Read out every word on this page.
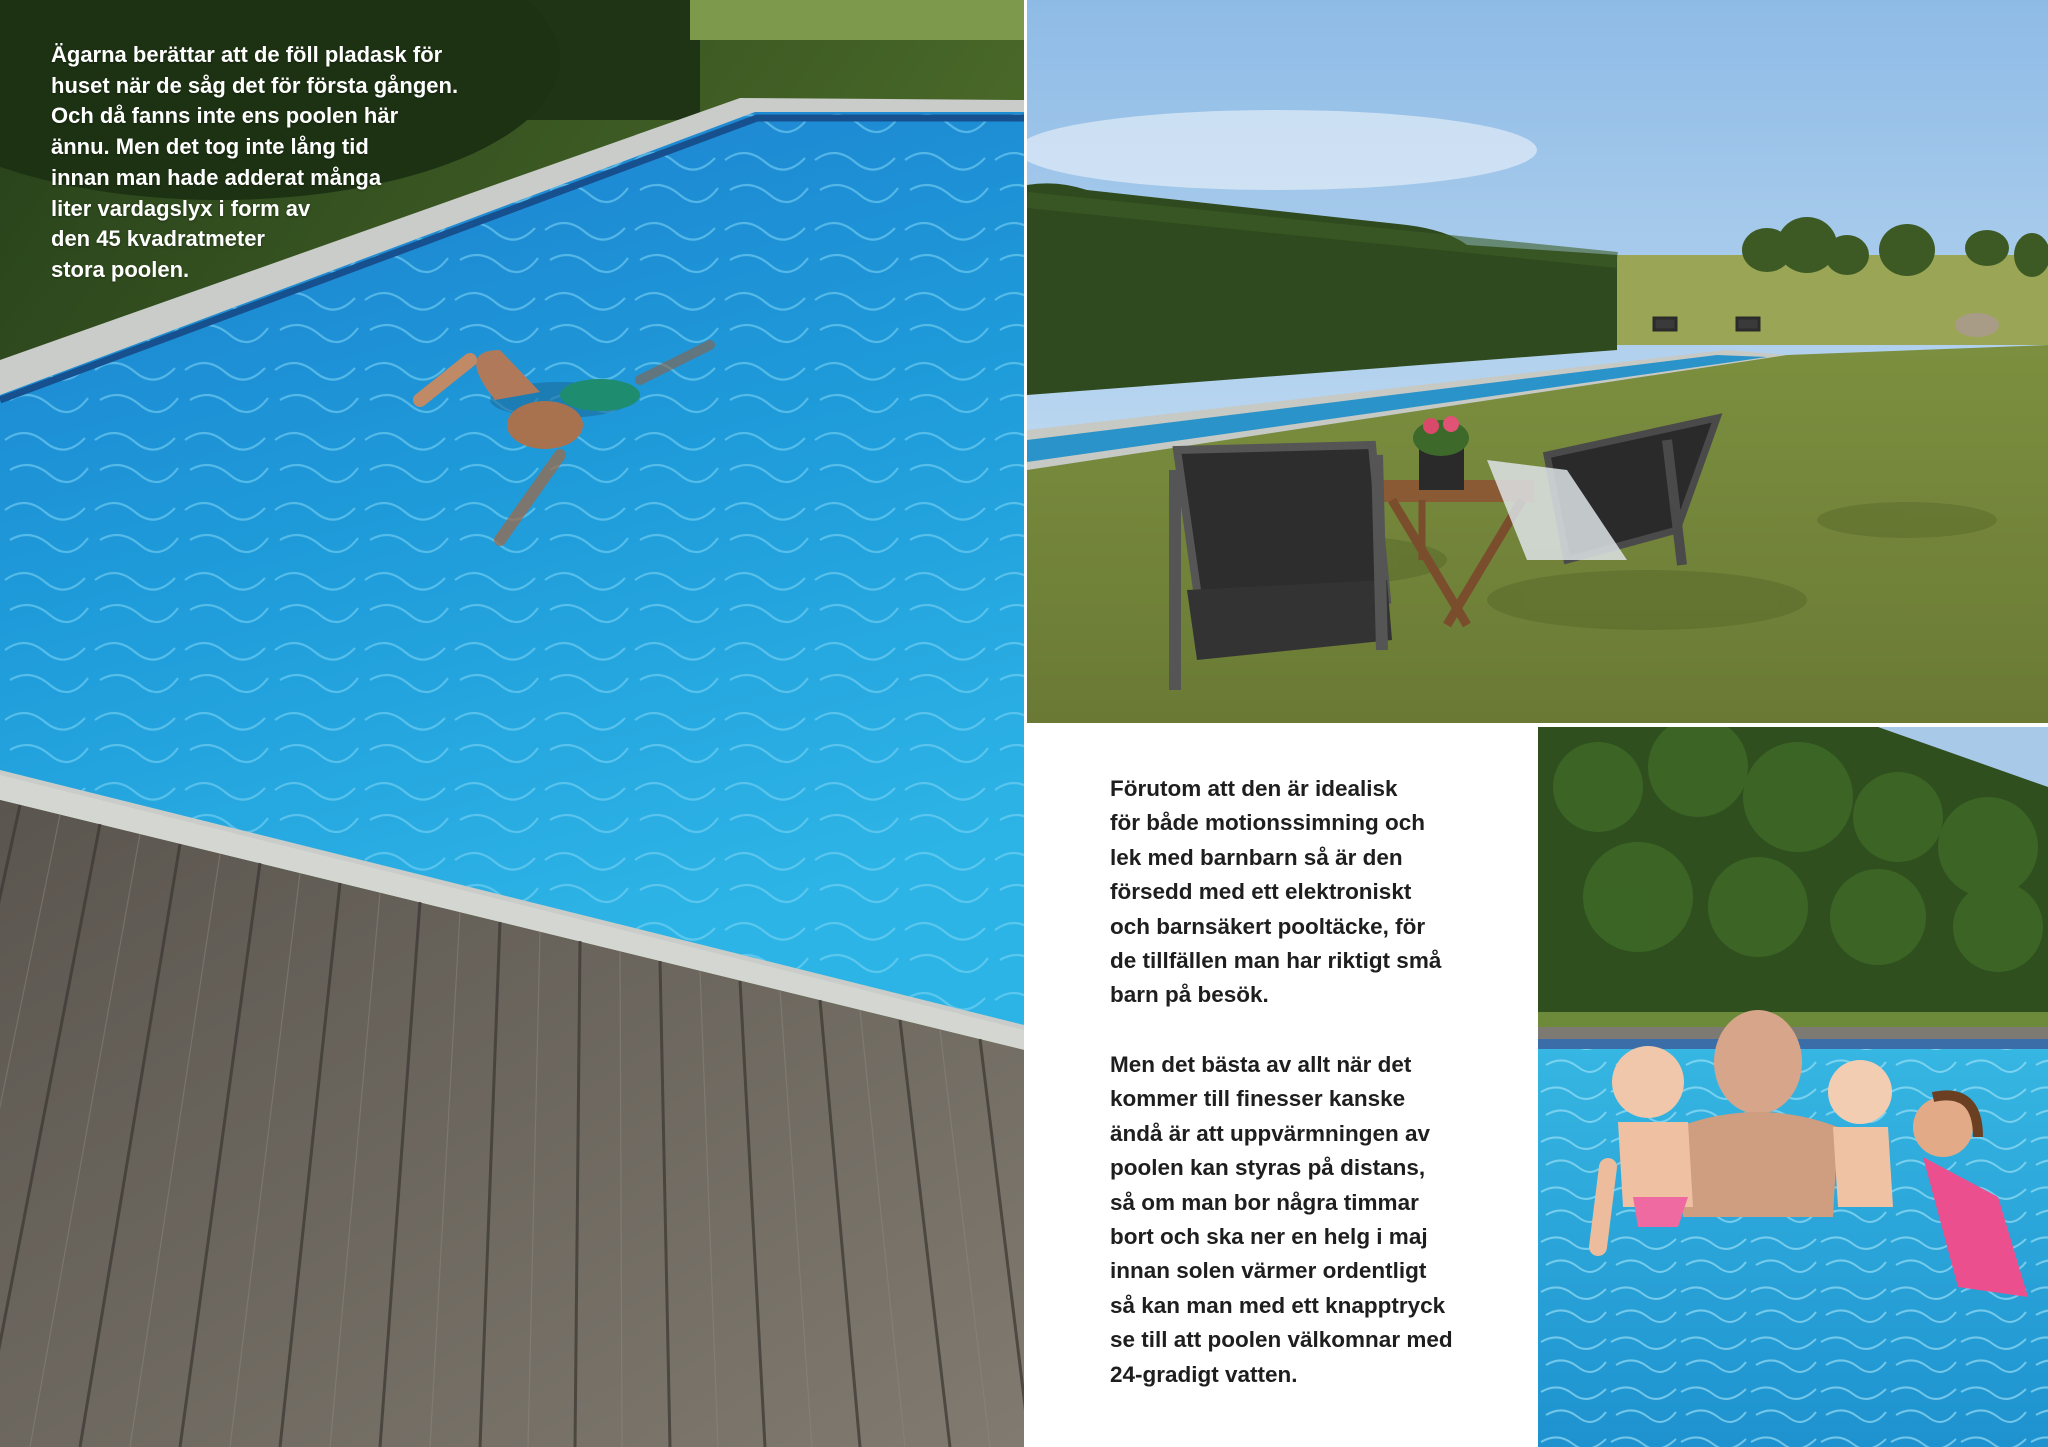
Ägarna berättar att de föll pladask för
huset när de såg det för första gången.
Och då fanns inte ens poolen här
ännu. Men det tog inte lång tid
innan man hade adderat många
liter vardagslyx i form av
den 45 kvadratmeter
stora poolen.

Förutom att den är idealisk
för både motionssimning och
lek med barnbarn så är den
försedd med ett elektroniskt
och barnsäkert pooltäcke, för
de tillfällen man har riktigt små
barn på besök.

Men det bästa av allt när det
kommer till finesser kanske
ändå är att uppvärmningen av
poolen kan styras på distans,
så om man bor några timmar
bort och ska ner en helg i maj
innan solen värmer ordentligt
så kan man med ett knapptryck
se till att poolen välkomnar med
24-gradigt vatten.
